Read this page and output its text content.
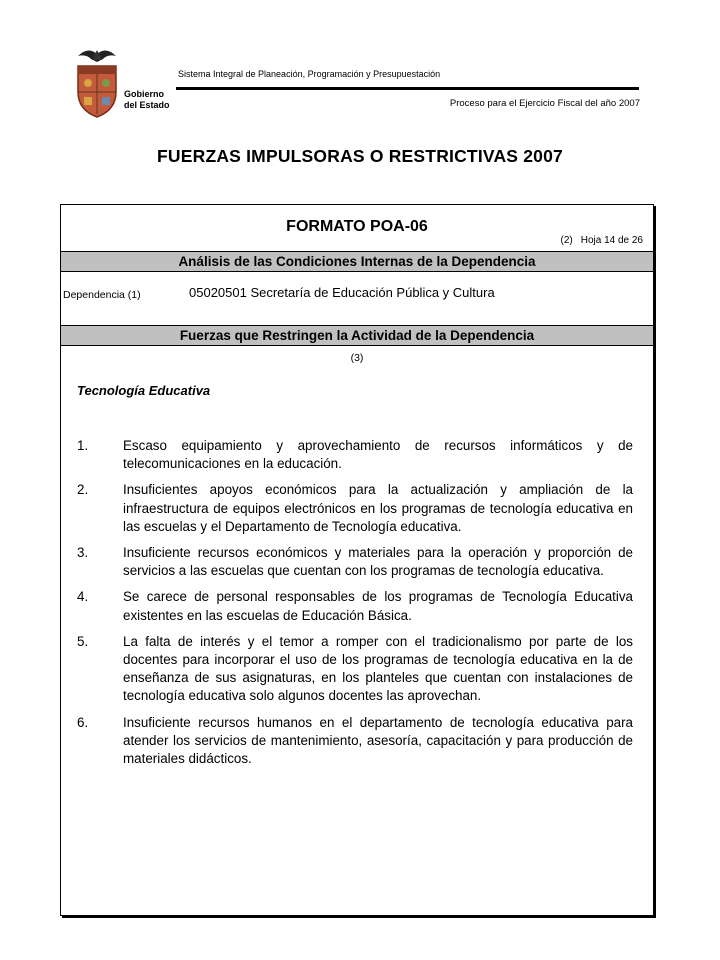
Gobierno
del Estado
Sistema Integral de Planeación, Programación y Presupuestación
Proceso para el Ejercicio Fiscal del año 2007
FUERZAS IMPULSORAS O RESTRICTIVAS 2007
FORMATO POA-06
(2) Hoja 14 de 26
Análisis de las Condiciones Internas de la Dependencia
Dependencia (1)	05020501 Secretaría de Educación Pública y Cultura
Fuerzas que Restringen la Actividad de la Dependencia
(3)
Tecnología Educativa
1.	Escaso equipamiento y aprovechamiento de recursos informáticos y de telecomunicaciones en la educación.
2.	Insuficientes apoyos económicos para la actualización y ampliación de la infraestructura de equipos electrónicos en los programas de tecnología educativa en las escuelas y el Departamento de Tecnología educativa.
3.	Insuficiente recursos económicos y materiales para la operación y proporción de servicios a las escuelas que cuentan con los programas de tecnología educativa.
4.	Se carece de personal responsables de los programas de Tecnología Educativa existentes en las escuelas de Educación Básica.
5.	La falta de interés y el temor a romper con el tradicionalismo por parte de los docentes para incorporar el uso de los programas de tecnología educativa en la de enseñanza de sus asignaturas, en los planteles que cuentan con instalaciones de tecnología educativa solo algunos docentes las aprovechan.
6.	Insuficiente recursos humanos en el departamento de tecnología educativa para atender los servicios de mantenimiento, asesoría, capacitación y para producción de materiales didácticos.
